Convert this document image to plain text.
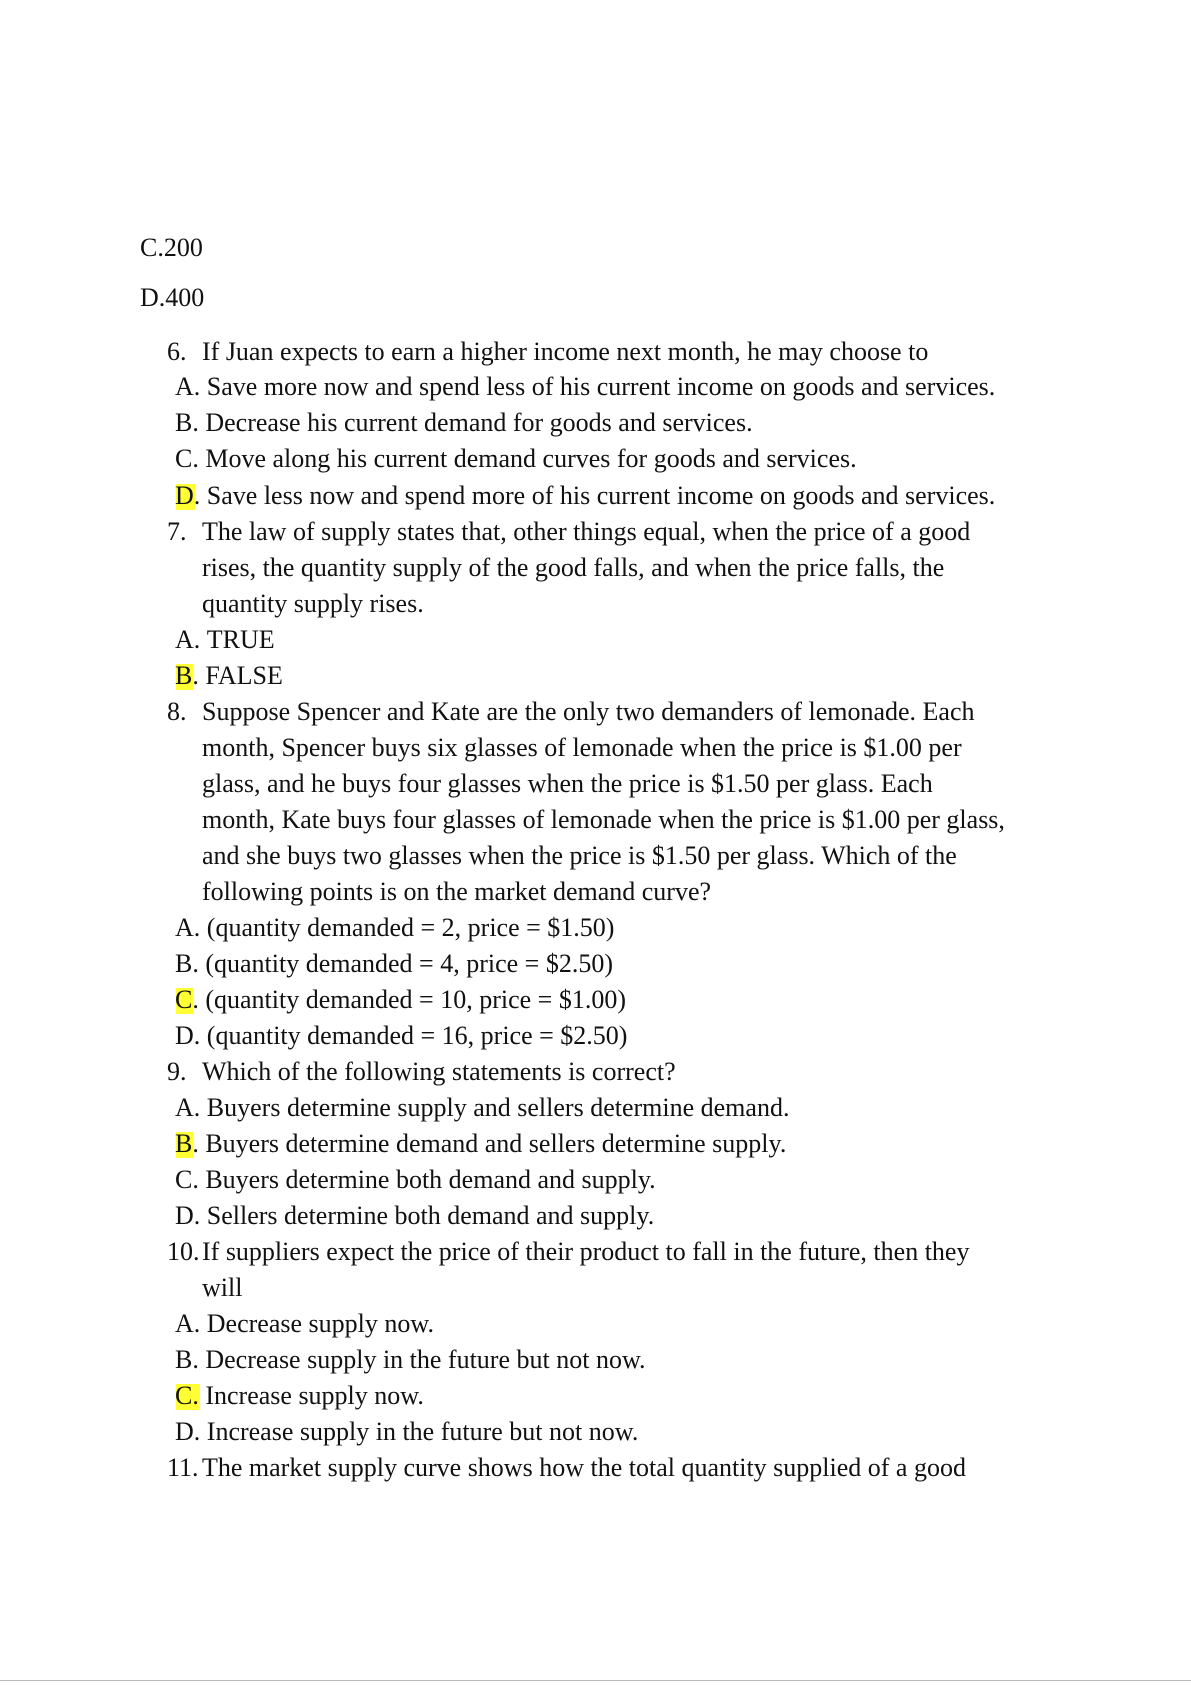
C.200
D.400
6. If Juan expects to earn a higher income next month, he may choose to
A. Save more now and spend less of his current income on goods and services.
B. Decrease his current demand for goods and services.
C. Move along his current demand curves for goods and services.
D. Save less now and spend more of his current income on goods and services.
7. The law of supply states that, other things equal, when the price of a good
rises, the quantity supply of the good falls, and when the price falls, the
quantity supply rises.
A. TRUE
B. FALSE
8. Suppose Spencer and Kate are the only two demanders of lemonade. Each
month, Spencer buys six glasses of lemonade when the price is $1.00 per
glass, and he buys four glasses when the price is $1.50 per glass. Each
month, Kate buys four glasses of lemonade when the price is $1.00 per glass,
and she buys two glasses when the price is $1.50 per glass. Which of the
following points is on the market demand curve?
A. (quantity demanded = 2, price = $1.50)
B. (quantity demanded = 4, price = $2.50)
C. (quantity demanded = 10, price = $1.00)
D. (quantity demanded = 16, price = $2.50)
9. Which of the following statements is correct?
A. Buyers determine supply and sellers determine demand.
B. Buyers determine demand and sellers determine supply.
C. Buyers determine both demand and supply.
D. Sellers determine both demand and supply.
10. If suppliers expect the price of their product to fall in the future, then they
will
A. Decrease supply now.
B. Decrease supply in the future but not now.
C. Increase supply now.
D. Increase supply in the future but not now.
11. The market supply curve shows how the total quantity supplied of a good
